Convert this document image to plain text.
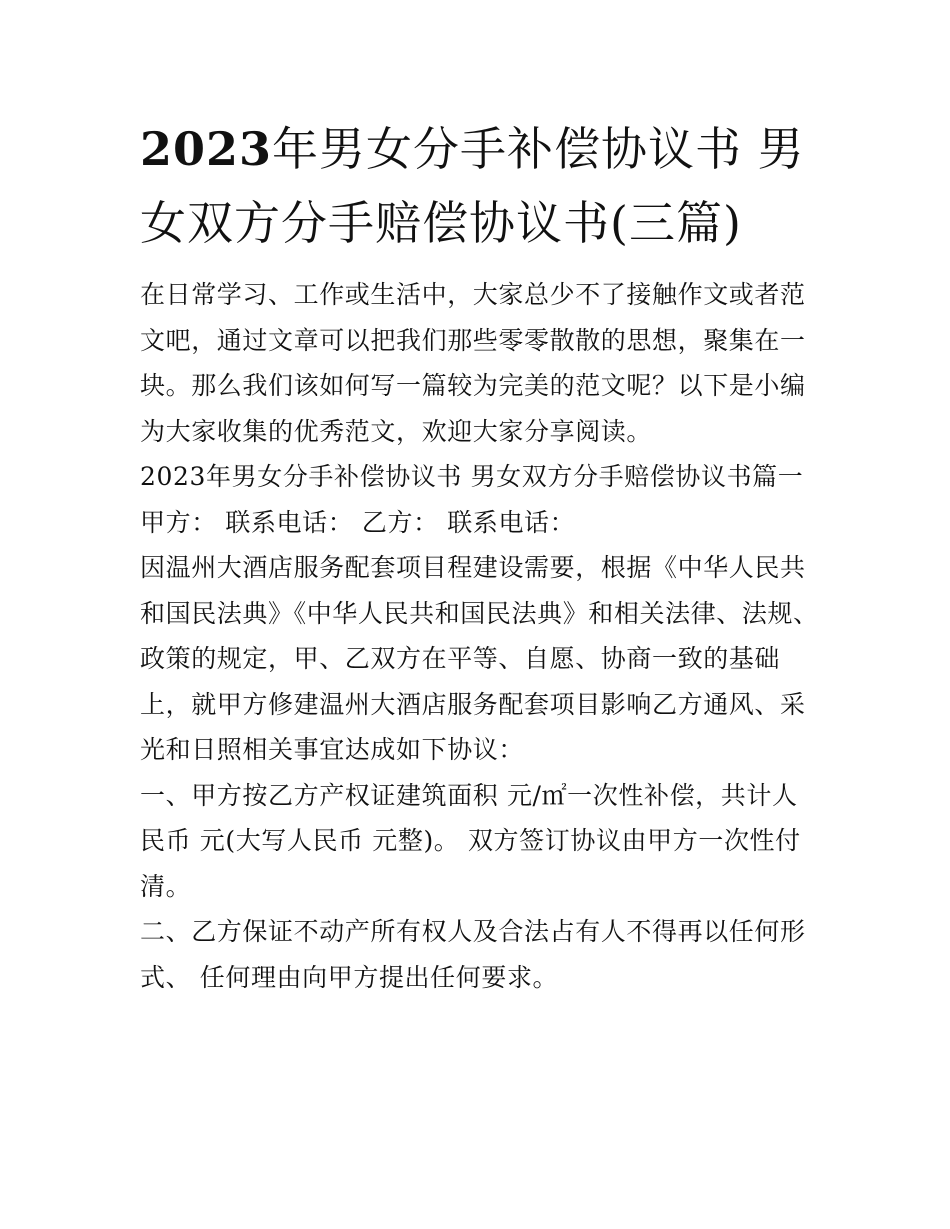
2023年男女分手补偿协议书 男女双方分手赔偿协议书(三篇)

在日常学习、工作或生活中，大家总少不了接触作文或者范文吧，通过文章可以把我们那些零零散散的思想，聚集在一块。那么我们该如何写一篇较为完美的范文呢？以下是小编为大家收集的优秀范文，欢迎大家分享阅读。

2023年男女分手补偿协议书 男女双方分手赔偿协议书篇一 甲方： 联系电话： 乙方： 联系电话：

因温州大酒店服务配套项目程建设需要，根据《中华人民共和国民法典》《中华人民共和国民法典》和相关法律、法规、政策的规定，甲、乙双方在平等、自愿、协商一致的基础上，就甲方修建温州大酒店服务配套项目影响乙方通风、采光和日照相关事宜达成如下协议：

一、甲方按乙方产权证建筑面积 元/㎡一次性补偿，共计人民币 元(大写人民币 元整)。 双方签订协议由甲方一次性付清。

二、乙方保证不动产所有权人及合法占有人不得再以任何形式、 任何理由向甲方提出任何要求。
